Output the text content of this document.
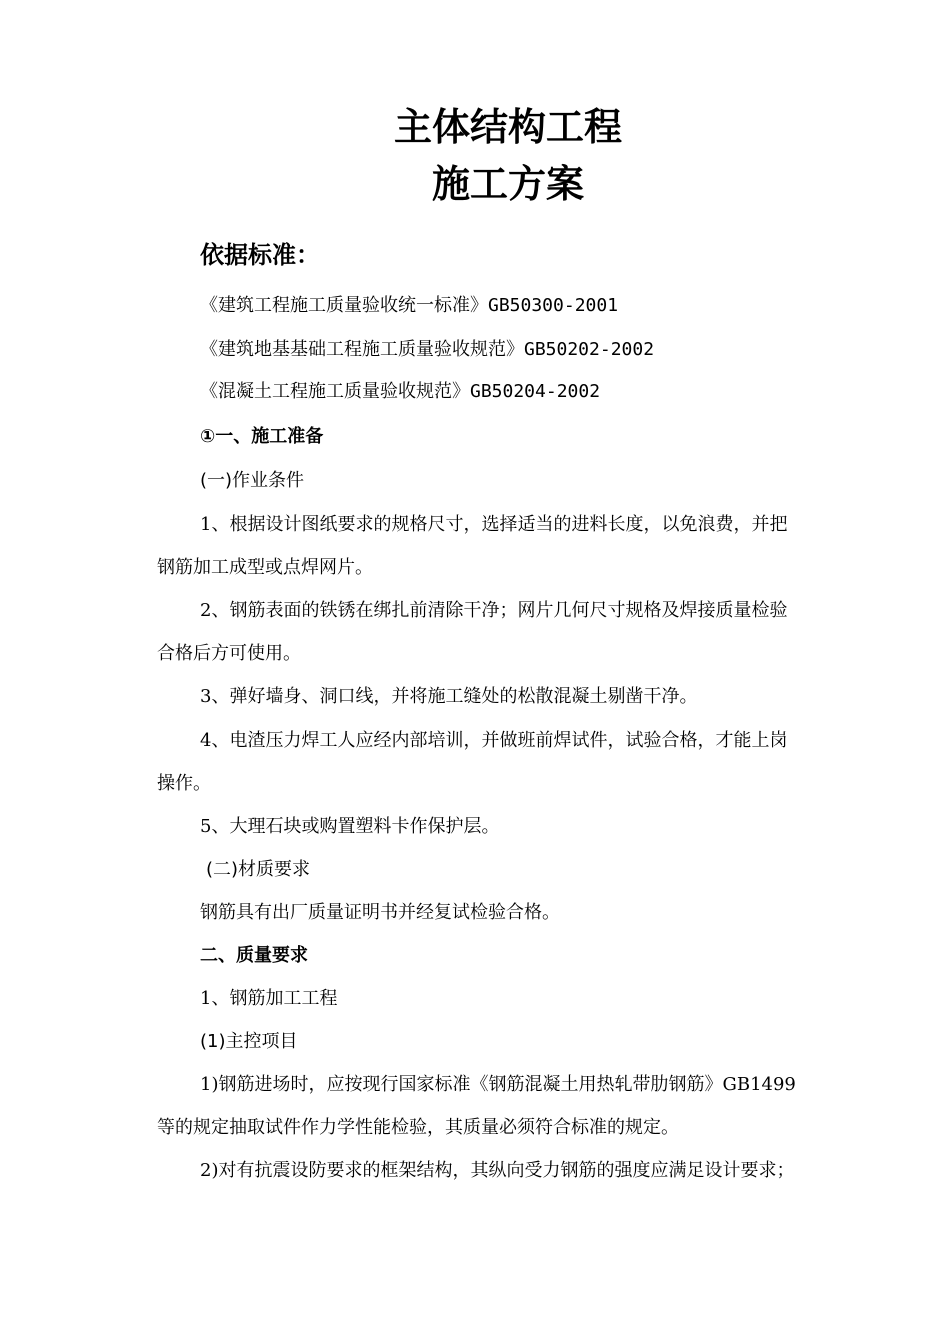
主体结构工程
施工方案
依据标准：
《建筑工程施工质量验收统一标准》GB50300-2001
《建筑地基基础工程施工质量验收规范》GB50202-2002
《混凝土工程施工质量验收规范》GB50204-2002
①一、施工准备
(一)作业条件
1、根据设计图纸要求的规格尺寸，选择适当的进料长度，以免浪费，并把
钢筋加工成型或点焊网片。
2、钢筋表面的铁锈在绑扎前清除干净；网片几何尺寸规格及焊接质量检验
合格后方可使用。
3、弹好墙身、洞口线，并将施工缝处的松散混凝土剔凿干净。
4、电渣压力焊工人应经内部培训，并做班前焊试件，试验合格，才能上岗
操作。
5、大理石块或购置塑料卡作保护层。
(二)材质要求
钢筋具有出厂质量证明书并经复试检验合格。
二、质量要求
1、钢筋加工工程
(1)主控项目
1)钢筋进场时，应按现行国家标准《钢筋混凝土用热轧带肋钢筋》GB1499
等的规定抽取试件作力学性能检验，其质量必须符合标准的规定。
2)对有抗震设防要求的框架结构，其纵向受力钢筋的强度应满足设计要求；
